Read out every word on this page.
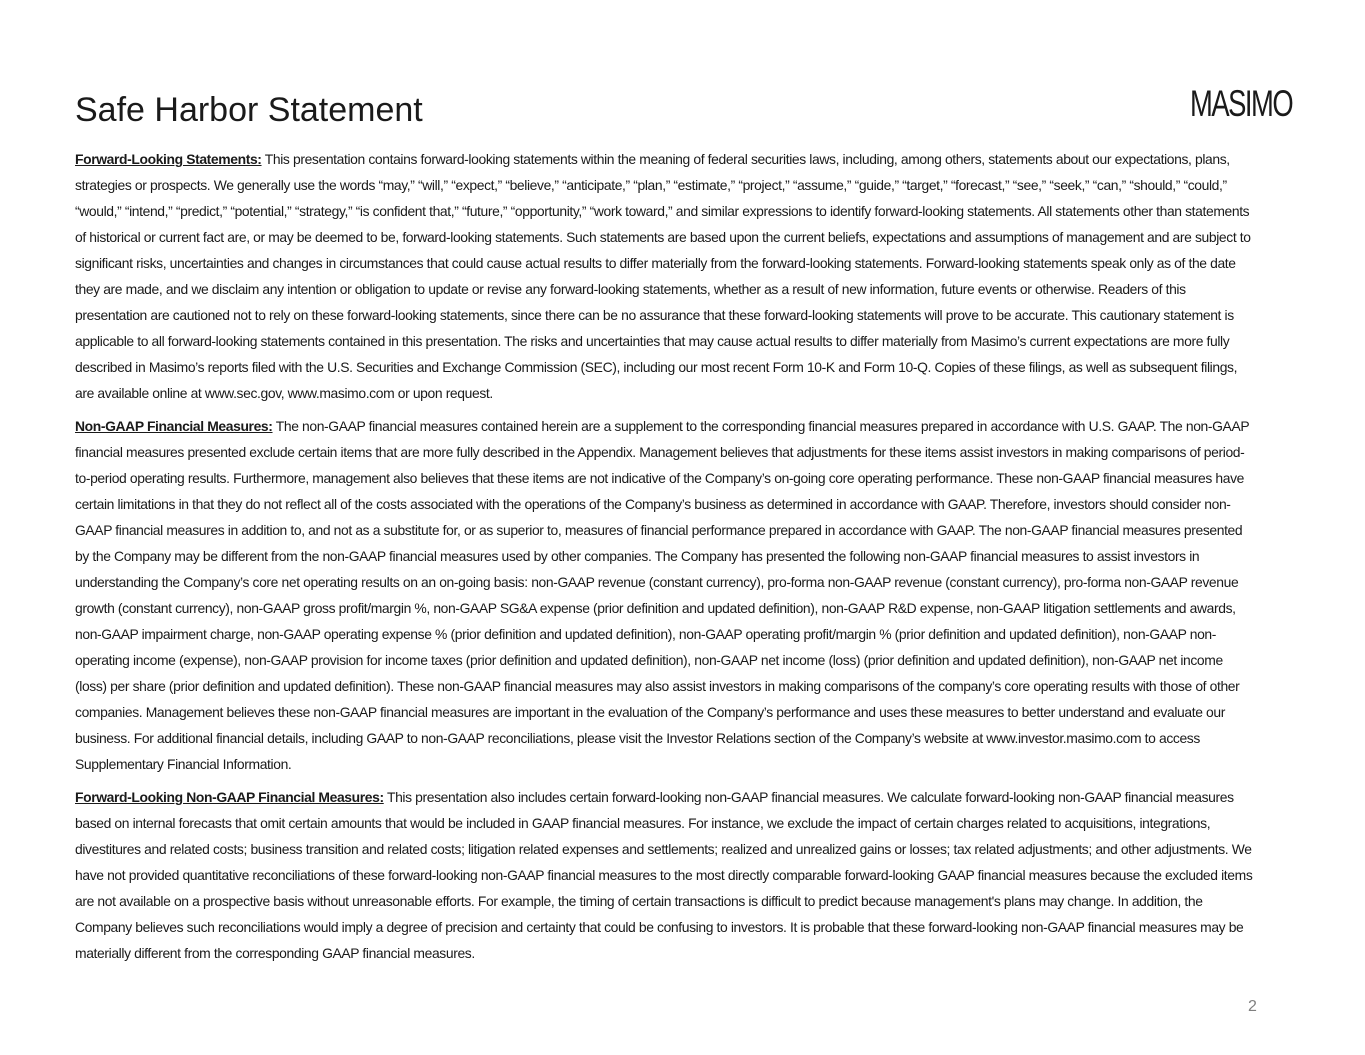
Safe Harbor Statement	MASIMO

Forward-Looking Statements: This presentation contains forward-looking statements within the meaning of federal securities laws, including, among others, statements about our expectations, plans, strategies or prospects. We generally use the words “may,” “will,” “expect,” “believe,” “anticipate,” “plan,” “estimate,” “project,” “assume,” “guide,” “target,” “forecast,” “see,” “seek,” “can,” “should,” “could,” “would,” “intend,” “predict,” “potential,” “strategy,” “is confident that,” “future,” “opportunity,” “work toward,” and similar expressions to identify forward-looking statements. All statements other than statements of historical or current fact are, or may be deemed to be, forward-looking statements. Such statements are based upon the current beliefs, expectations and assumptions of management and are subject to significant risks, uncertainties and changes in circumstances that could cause actual results to differ materially from the forward-looking statements. Forward-looking statements speak only as of the date they are made, and we disclaim any intention or obligation to update or revise any forward-looking statements, whether as a result of new information, future events or otherwise. Readers of this presentation are cautioned not to rely on these forward-looking statements, since there can be no assurance that these forward-looking statements will prove to be accurate. This cautionary statement is applicable to all forward-looking statements contained in this presentation. The risks and uncertainties that may cause actual results to differ materially from Masimo’s current expectations are more fully described in Masimo’s reports filed with the U.S. Securities and Exchange Commission (SEC), including our most recent Form 10-K and Form 10-Q. Copies of these filings, as well as subsequent filings, are available online at www.sec.gov, www.masimo.com or upon request.

Non-GAAP Financial Measures: The non-GAAP financial measures contained herein are a supplement to the corresponding financial measures prepared in accordance with U.S. GAAP. The non-GAAP financial measures presented exclude certain items that are more fully described in the Appendix. Management believes that adjustments for these items assist investors in making comparisons of period-to-period operating results. Furthermore, management also believes that these items are not indicative of the Company’s on-going core operating performance. These non-GAAP financial measures have certain limitations in that they do not reflect all of the costs associated with the operations of the Company’s business as determined in accordance with GAAP. Therefore, investors should consider non-GAAP financial measures in addition to, and not as a substitute for, or as superior to, measures of financial performance prepared in accordance with GAAP. The non-GAAP financial measures presented by the Company may be different from the non-GAAP financial measures used by other companies. The Company has presented the following non-GAAP financial measures to assist investors in understanding the Company’s core net operating results on an on-going basis: non-GAAP revenue (constant currency), pro-forma non-GAAP revenue (constant currency), pro-forma non-GAAP revenue growth (constant currency), non-GAAP gross profit/margin %, non-GAAP SG&A expense (prior definition and updated definition), non-GAAP R&D expense, non-GAAP litigation settlements and awards, non-GAAP impairment charge, non-GAAP operating expense % (prior definition and updated definition), non-GAAP operating profit/margin % (prior definition and updated definition), non-GAAP non-operating income (expense), non-GAAP provision for income taxes (prior definition and updated definition), non-GAAP net income (loss) (prior definition and updated definition), non-GAAP net income (loss) per share (prior definition and updated definition). These non-GAAP financial measures may also assist investors in making comparisons of the company’s core operating results with those of other companies. Management believes these non-GAAP financial measures are important in the evaluation of the Company’s performance and uses these measures to better understand and evaluate our business. For additional financial details, including GAAP to non-GAAP reconciliations, please visit the Investor Relations section of the Company’s website at www.investor.masimo.com to access Supplementary Financial Information.

Forward-Looking Non-GAAP Financial Measures: This presentation also includes certain forward-looking non-GAAP financial measures. We calculate forward-looking non-GAAP financial measures based on internal forecasts that omit certain amounts that would be included in GAAP financial measures. For instance, we exclude the impact of certain charges related to acquisitions, integrations, divestitures and related costs; business transition and related costs; litigation related expenses and settlements; realized and unrealized gains or losses; tax related adjustments; and other adjustments. We have not provided quantitative reconciliations of these forward-looking non-GAAP financial measures to the most directly comparable forward-looking GAAP financial measures because the excluded items are not available on a prospective basis without unreasonable efforts. For example, the timing of certain transactions is difficult to predict because management's plans may change. In addition, the Company believes such reconciliations would imply a degree of precision and certainty that could be confusing to investors. It is probable that these forward-looking non-GAAP financial measures may be materially different from the corresponding GAAP financial measures.

2
